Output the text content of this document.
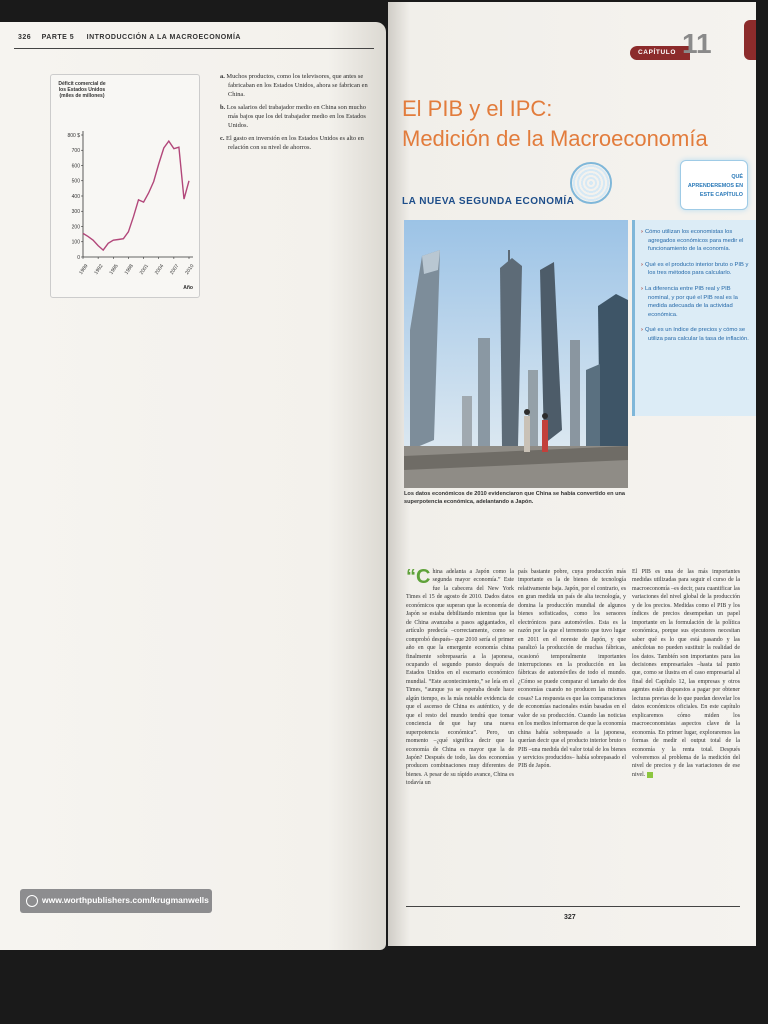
326 PARTE 5 INTRODUCCIÓN A LA MACROECONOMÍA
800 $
700
600
500
400
300
200
100
0
1989 1992 1995 1998 2001 2004 2007 2010
Déficit comercial de los Estados Unidos (miles de millones)
Año
a. Muchos productos, como los televisores, que antes se fabricaban en los Estados Unidos, ahora se fabrican en China.
b. Los salarios del trabajador medio en China son mucho más bajos que los del trabajador medio en los Estados Unidos.
c. El gasto en inversión en los Estados Unidos es alto en relación con su nivel de ahorros.
www.worthpublishers.com/krugmanwells
CAPÍTULO 11
El PIB y el IPC:
Medición de la Macroeconomía
LA NUEVA SEGUNDA ECONOMÍA
Los datos económicos de 2010 evidenciaron que China se había convertido en una superpotencia económica, adelantando a Japón.
QUÉ APRENDEREMOS EN ESTE CAPÍTULO
› Cómo utilizan los economistas los agregados económicos para medir el funcionamiento de la economía.
› Qué es el producto interior bruto o PIB y los tres métodos para calcularlo.
› La diferencia entre PIB real y PIB nominal, y por qué el PIB real es la medida adecuada de la actividad económica.
› Qué es un índice de precios y cómo se utiliza para calcular la tasa de inflación.
“China adelanta a Japón como la segunda mayor economía.” Este fue la cabecera del New York Times el 15 de agosto de 2010. Dados datos económicos que superan que la economía de Japón se estaba debilitando mientras que la de China avanzaba a pasos agigantados, el artículo predecía –correctamente, como se comprobó después– que 2010 sería el primer año en que la emergente economía china finalmente sobrepasaría a la japonesa, ocupando el segundo puesto después de Estados Unidos en el escenario económico mundial. “Este acontecimiento,” se leía en el Times, “aunque ya se esperaba desde hace algún tiempo, es la más notable evidencia de que el ascenso de China es auténtico, y de que el resto del mundo tendrá que tomar conciencia de que hay una nueva superpotencia económica”. Pero, un momento –¿qué significa decir que la economía de China es mayor que la de Japón? Después de todo, las dos economías producen combinaciones muy diferentes de bienes. A pesar de su rápido avance, China es todavía un
país bastante pobre, cuya producción más importante es la de bienes de tecnología relativamente baja. Japón, por el contrario, es en gran medida un país de alta tecnología, y domina la producción mundial de algunos bienes sofisticados, como los sensores electrónicos para automóviles. Esta es la razón por la que el terremoto que tuvo lugar en 2011 en el noreste de Japón, y que paralizó la producción de muchas fábricas, ocasionó temporalmente importantes interrupciones en la producción en las fábricas de automóviles de todo el mundo. ¿Cómo se puede comparar el tamaño de dos economías cuando no producen las mismas cosas? La respuesta es que las comparaciones de economías nacionales están basadas en el valor de su producción. Cuando las noticias en los medios informaron de que la economía china había sobrepasado a la japonesa, querían decir que el producto interior bruto o PIB –una medida del valor total de los bienes y servicios producidos– había sobrepasado el PIB de Japón.
El PIB es una de las más importantes medidas utilizadas para seguir el curso de la macroeconomía –es decir, para cuantificar las variaciones del nivel global de la producción y de los precios. Medidas como el PIB y los índices de precios desempeñan un papel importante en la formulación de la política económica, porque sus ejecutores necesitan saber qué es lo que está pasando y las anécdotas no pueden sustituir la realidad de los datos. También son importantes para las decisiones empresariales –hasta tal punto que, como se ilustra en el caso empresarial al final del Capítulo 12, las empresas y otros agentes están dispuestos a pagar por obtener lecturas previas de lo que puedan desvelar los datos económicos oficiales. En este capítulo explicaremos cómo miden los macroeconomistas aspectos clave de la economía. En primer lugar, exploraremos las formas de medir el output total de la economía y la renta total. Después volveremos al problema de la medición del nivel de precios y de las variaciones de ese nivel.
327
